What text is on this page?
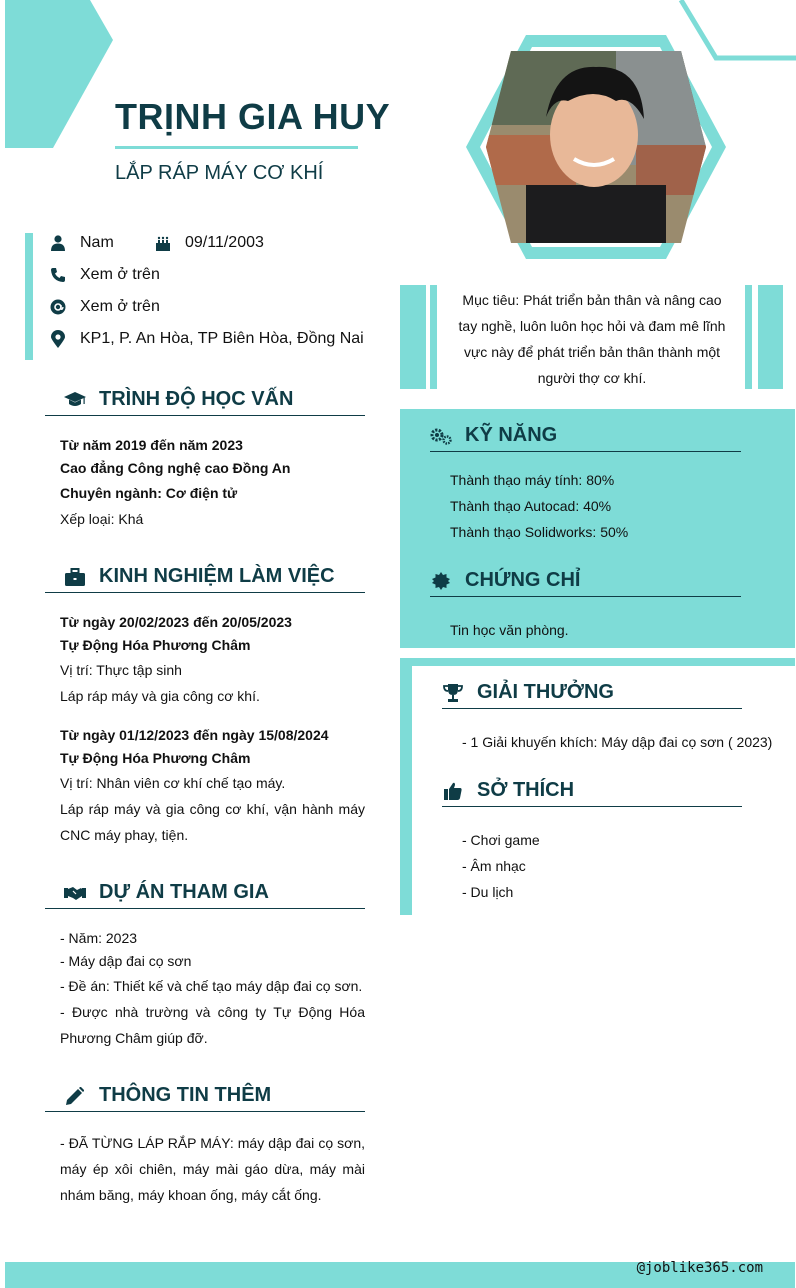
TRỊNH GIA HUY
LẮP RÁP MÁY CƠ KHÍ
Nam	09/11/2003
Xem ở trên
Xem ở trên
KP1, P. An Hòa, TP Biên Hòa, Đồng Nai
Mục tiêu: Phát triển bản thân và nâng cao tay nghề, luôn luôn học hỏi và đam mê lĩnh vực này để phát triển bản thân thành một người thợ cơ khí.
TRÌNH ĐỘ HỌC VẤN
Từ năm 2019 đến năm 2023
Cao đẳng Công nghệ cao Đồng An
Chuyên ngành: Cơ điện tử
Xếp loại: Khá
KINH NGHIỆM LÀM VIỆC
Từ ngày 20/02/2023 đến 20/05/2023
Tự Động Hóa Phương Châm
Vị trí: Thực tập sinh
Láp ráp máy và gia công cơ khí.
Từ ngày 01/12/2023 đến ngày 15/08/2024
Tự Động Hóa Phương Châm
Vị trí: Nhân viên cơ khí chế tạo máy.
Láp ráp máy và gia công cơ khí, vận hành máy CNC máy phay, tiện.
DỰ ÁN THAM GIA
- Năm: 2023
- Máy dập đai cọ sơn
- Đề án: Thiết kế và chế tạo máy dập đai cọ sơn.
- Được nhà trường và công ty Tự Động Hóa Phương Châm giúp đỡ.
THÔNG TIN THÊM
- ĐÃ TỪNG LÁP RẮP MÁY: máy dập đai cọ sơn, máy ép xôi chiên, máy mài gáo dừa, máy mài nhám băng, máy khoan ống, máy cắt ống.
KỸ NĂNG
Thành thạo máy tính: 80%
Thành thạo Autocad: 40%
Thành thạo Solidworks: 50%
CHỨNG CHỈ
Tin học văn phòng.
GIẢI THƯỞNG
- 1 Giải khuyến khích: Máy dập đai cọ sơn ( 2023)
SỞ THÍCH
- Chơi game
- Âm nhạc
- Du lịch
@joblike365.com
